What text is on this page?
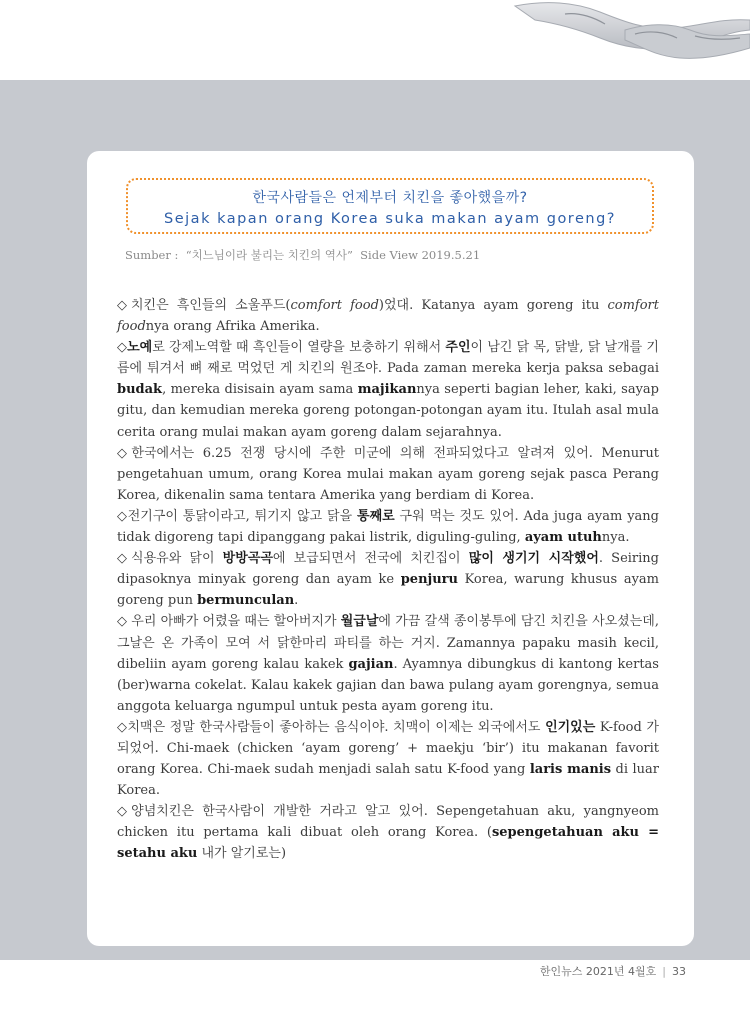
한국사람들은 언제부터 치킨을 좋아했을까?
Sejak kapan orang Korea suka makan ayam goreng?
Sumber :  “치느님이라 불리는 치킨의 역사”  Side View 2019.5.21

◇치킨은 흑인들의 소울푸드(comfort food)었대. Katanya ayam goreng itu comfort foodnya orang Afrika Amerika.

◇노예로 강제노역할 때 흑인들이 열량을 보충하기 위해서 주인이 남긴 닭 목, 닭발, 닭 날개를 기름에 튀겨서 뼈 째로 먹었던 게 치킨의 원조야. Pada zaman mereka kerja paksa sebagai budak, mereka disisain ayam sama majikannya seperti bagian leher, kaki, sayap gitu, dan kemudian mereka goreng potongan-potongan ayam itu. Itulah asal mula cerita orang mulai makan ayam goreng dalam sejarahnya.

◇한국에서는 6.25 전쟁 당시에 주한 미군에 의해 전파되었다고 알려져 있어. Menurut pengetahuan umum, orang Korea mulai makan ayam goreng sejak pasca Perang Korea, dikenalin sama tentara Amerika yang berdiam di Korea.

◇전기구이 통닭이라고, 튀기지 않고 닭을 통째로 구워 먹는 것도 있어. Ada juga ayam yang tidak digoreng tapi dipanggang pakai listrik, diguling-guling, ayam utuhnya.

◇식용유와 닭이 방방곡곡에 보급되면서 전국에 치킨집이 많이 생기기 시작했어. Seiring dipasoknya minyak goreng dan ayam ke penjuru Korea, warung khusus ayam goreng pun bermunculan.

◇ 우리 아빠가 어렸을 때는 할아버지가 월급날에 가끔 갈색 종이봉투에 담긴 치킨을 사오셨는데, 그날은 온 가족이 모여 서 닭한마리 파티를 하는 거지. Zamannya papaku masih kecil, dibeliin ayam goreng kalau kakek gajian. Ayamnya dibungkus di kantong kertas (ber)warna cokelat. Kalau kakek gajian dan bawa pulang ayam gorengnya, semua anggota keluarga ngumpul untuk pesta ayam goreng itu.

◇치맥은 정말 한국사람들이 좋아하는 음식이야. 치맥이 이제는 외국에서도 인기있는 K-food 가 되었어. Chi-maek (chicken ‘ayam goreng’ + maekju ‘bir’) itu makanan favorit orang Korea. Chi-maek sudah menjadi salah satu K-food yang laris manis di luar Korea.

◇양념치킨은 한국사람이 개발한 거라고 알고 있어. Sepengetahuan aku, yangnyeom chicken itu pertama kali dibuat oleh orang Korea. (sepengetahuan aku = setahu aku 내가 알기로는)

한인뉴스 2021년 4월호 | 33
